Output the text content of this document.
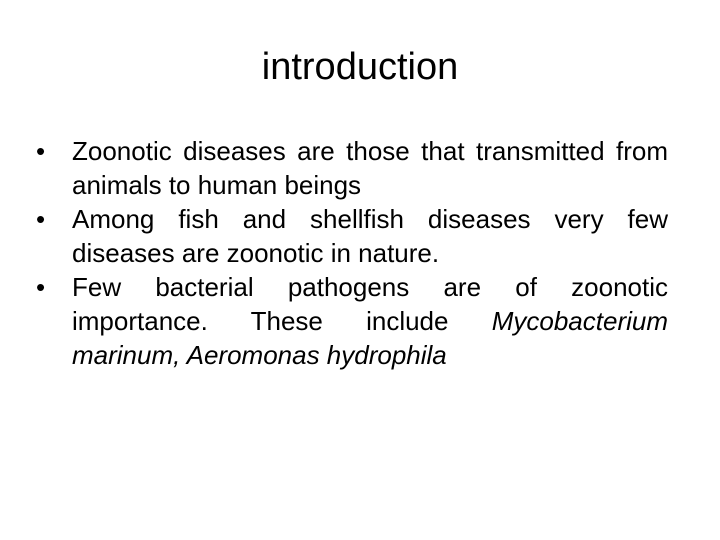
introduction
•	Zoonotic diseases are those that transmitted from animals to human beings
•	Among fish and shellfish diseases very few diseases are zoonotic in nature.
•	Few bacterial pathogens are of zoonotic importance. These include Mycobacterium marinum, Aeromonas hydrophila
